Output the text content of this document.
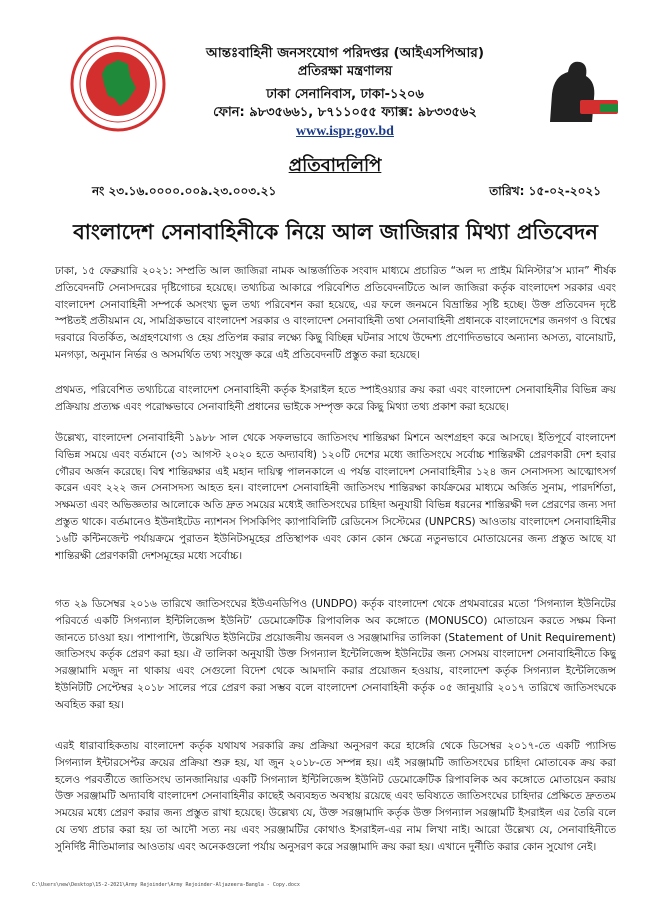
আন্তঃবাহিনী জনসংযোগ পরিদপ্তর (আইএসপিআর)
প্রতিরক্ষা মন্ত্রণালয়
ঢাকা সেনানিবাস, ঢাকা-১২০৬
ফোন: ৯৮৩৫৬৬১, ৮৭১১০৫৫ ফ্যাক্স: ৯৮৩৩৫৬২
www.ispr.gov.bd
প্রতিবাদলিপি
নং ২৩.১৬.০০০০.০০৯.২৩.০০৩.২১	তারিখ: ১৫-০২-২০২১
বাংলাদেশ সেনাবাহিনীকে নিয়ে আল জাজিরার মিথ্যা প্রতিবেদন

ঢাকা, ১৫ ফেব্রুয়ারি ২০২১: সম্প্রতি আল জাজিরা নামক আন্তর্জাতিক সংবাদ মাধ্যমে প্রচারিত “অল দ্য প্রাইম মিনিস্টার’স ম্যান” শীর্ষক প্রতিবেদনটি সেনাসদরের দৃষ্টিগোচর হয়েছে। তথ্যচিত্র আকারে পরিবেশিত প্রতিবেদনটিতে আল জাজিরা কর্তৃক বাংলাদেশ সরকার এবং বাংলাদেশ সেনাবাহিনী সম্পর্কে অসংখ্য ভুল তথ্য পরিবেশন করা হয়েছে, এর ফলে জনমনে বিভ্রান্তির সৃষ্টি হচ্ছে। উক্ত প্রতিবেদন দৃষ্টে স্পষ্টতই প্রতীয়মান যে, সামগ্রিকভাবে বাংলাদেশ সরকার ও বাংলাদেশ সেনাবাহিনী তথা সেনাবাহিনী প্রধানকে বাংলাদেশের জনগণ ও বিশ্বের দরবারে বিতর্কিত, অগ্রহণযোগ্য ও হেয় প্রতিপন্ন করার লক্ষ্যে কিছু বিচ্ছিন্ন ঘটনার সাথে উদ্দেশ্য প্রণোদিতভাবে অন্যান্য অসত্য, বানোয়াট, মনগড়া, অনুমান নির্ভর ও অসমর্থিত তথ্য সংযুক্ত করে এই প্রতিবেদনটি প্রস্তুত করা হয়েছে।

প্রথমত, পরিবেশিত তথ্যচিত্রে বাংলাদেশ সেনাবাহিনী কর্তৃক ইসরাইল হতে স্পাইওয়্যার ক্রয় করা এবং বাংলাদেশ সেনাবাহিনীর বিভিন্ন ক্রয় প্রক্রিয়ায় প্রত্যক্ষ এবং পরোক্ষভাবে সেনাবাহিনী প্রধানের ভাইকে সম্পৃক্ত করে কিছু মিথ্যা তথ্য প্রকাশ করা হয়েছে।

উল্লেখ্য, বাংলাদেশ সেনাবাহিনী ১৯৮৮ সাল থেকে সফলভাবে জাতিসংঘ শান্তিরক্ষা মিশনে অংশগ্রহণ করে আসছে। ইতিপূর্বে বাংলাদেশ বিভিন্ন সময়ে এবং বর্তমানে (৩১ আগস্ট ২০২০ হতে অদ্যাবধি) ১২০টি দেশের মধ্যে জাতিসংঘে সর্বোচ্চ শান্তিরক্ষী প্রেরণকারী দেশ হবার গৌরব অর্জন করেছে। বিশ্ব শান্তিরক্ষার এই মহান দায়িত্ব পালনকালে এ পর্যন্ত বাংলাদেশ সেনাবাহিনীর ১২৪ জন সেনাসদস্য আত্মোৎসর্গ করেন এবং ২২২ জন সেনাসদস্য আহত হন। বাংলাদেশ সেনাবাহিনী জাতিসংঘ শান্তিরক্ষা কার্যক্রমের মাধ্যমে অর্জিত সুনাম, পারদর্শিতা, সক্ষমতা এবং অভিজ্ঞতার আলোকে অতি দ্রুত সময়ের মধ্যেই জাতিসংঘের চাহিদা অনুযায়ী বিভিন্ন ধরনের শান্তিরক্ষী দল প্রেরণের জন্য সদা প্রস্তুত থাকে। বর্তমানেও ইউনাইটেড ন্যাশনস পিসকিপিং ক্যাপাবিলিটি রেডিনেস সিস্টেমের (UNPCRS) আওতায় বাংলাদেশ সেনাবাহিনীর ১৬টি কন্টিনজেন্ট পর্যায়ক্রমে পুরাতন ইউনিটসমূহের প্রতিস্থাপক এবং কোন কোন ক্ষেত্রে নতুনভাবে মোতায়েনের জন্য প্রস্তুত আছে যা শান্তিরক্ষী প্রেরণকারী দেশসমূহের মধ্যে সর্বোচ্চ।

গত ২৯ ডিসেম্বর ২০১৬ তারিখে জাতিসংঘের ইউএনডিপিও (UNDPO) কর্তৃক বাংলাদেশ থেকে প্রথমবারের মতো ‘সিগন্যাল ইউনিটের পরিবর্তে একটি সিগন্যাল ইন্টিলিজেন্স ইউনিট’ ডেমোক্রেটিক রিপাবলিক অব কঙ্গোতে (MONUSCO) মোতায়েন করতে সক্ষম কিনা জানতে চাওয়া হয়। পাশাপাশি, উল্লেখিত ইউনিটের প্রয়োজনীয় জনবল ও সরঞ্জামাদির তালিকা (Statement of Unit Requirement) জাতিসংঘ কর্তৃক প্রেরণ করা হয়। ঐ তালিকা অনুযায়ী উক্ত সিগন্যাল ইন্টেলিজেন্স ইউনিটের জন্য সেসময় বাংলাদেশ সেনাবাহিনীতে কিছু সরঞ্জামাদি মজুদ না থাকায় এবং সেগুলো বিদেশ থেকে আমদানি করার প্রয়োজন হওয়ায়, বাংলাদেশ কর্তৃক সিগন্যাল ইন্টেলিজেন্স ইউনিটটি সেপ্টেম্বর ২০১৮ সালের পরে প্রেরণ করা সম্ভব বলে বাংলাদেশ সেনাবাহিনী কর্তৃক ০৫ জানুয়ারি ২০১৭ তারিখে জাতিসংঘকে অবহিত করা হয়।

এরই ধারাবাহিকতায় বাংলাদেশ কর্তৃক যথাযথ সরকারি ক্রয় প্রক্রিয়া অনুসরণ করে হাঙ্গেরি থেকে ডিসেম্বর ২০১৭-তে একটি প্যাসিভ সিগন্যাল ইন্টারসেপ্টর ক্রয়ের প্রক্রিয়া শুরু হয়, যা জুন ২০১৮-তে সম্পন্ন হয়। এই সরঞ্জামটি জাতিসংঘের চাহিদা মোতাবেক ক্রয় করা হলেও পরবর্তীতে জাতিসংঘ তানজানিয়ার একটি সিগন্যাল ইন্টিলিজেন্স ইউনিট ডেমোক্রেটিক রিপাবলিক অব কঙ্গোতে মোতায়েন করায় উক্ত সরঞ্জামটি অদ্যাবধি বাংলাদেশ সেনাবাহিনীর কাছেই অব্যবহৃত অবস্থায় রয়েছে এবং ভবিষ্যতে জাতিসংঘের চাহিদার প্রেক্ষিতে দ্রুততম সময়ের মধ্যে প্রেরণ করার জন্য প্রস্তুত রাখা হয়েছে। উল্লেখ্য যে, উক্ত সরঞ্জামাদি কর্তৃক উক্ত সিগন্যাল সরঞ্জামটি ইসরাইল এর তৈরি বলে যে তথ্য প্রচার করা হয় তা আদৌ সত্য নয় এবং সরঞ্জামটির কোথাও ইসরাইল-এর নাম লিখা নাই। আরো উল্লেখ্য যে, সেনাবাহিনীতে সুনির্দিষ্ট নীতিমালার আওতায় এবং অনেকগুলো পর্যায় অনুসরণ করে সরঞ্জামাদি ক্রয় করা হয়। এখানে দুর্নীতি করার কোন সুযোগ নেই।

C:\Users\new\Desktop\15-2-2021\Army Rejoinder\Army Rejoinder-Aljazeera-Bangla - Copy.docx
